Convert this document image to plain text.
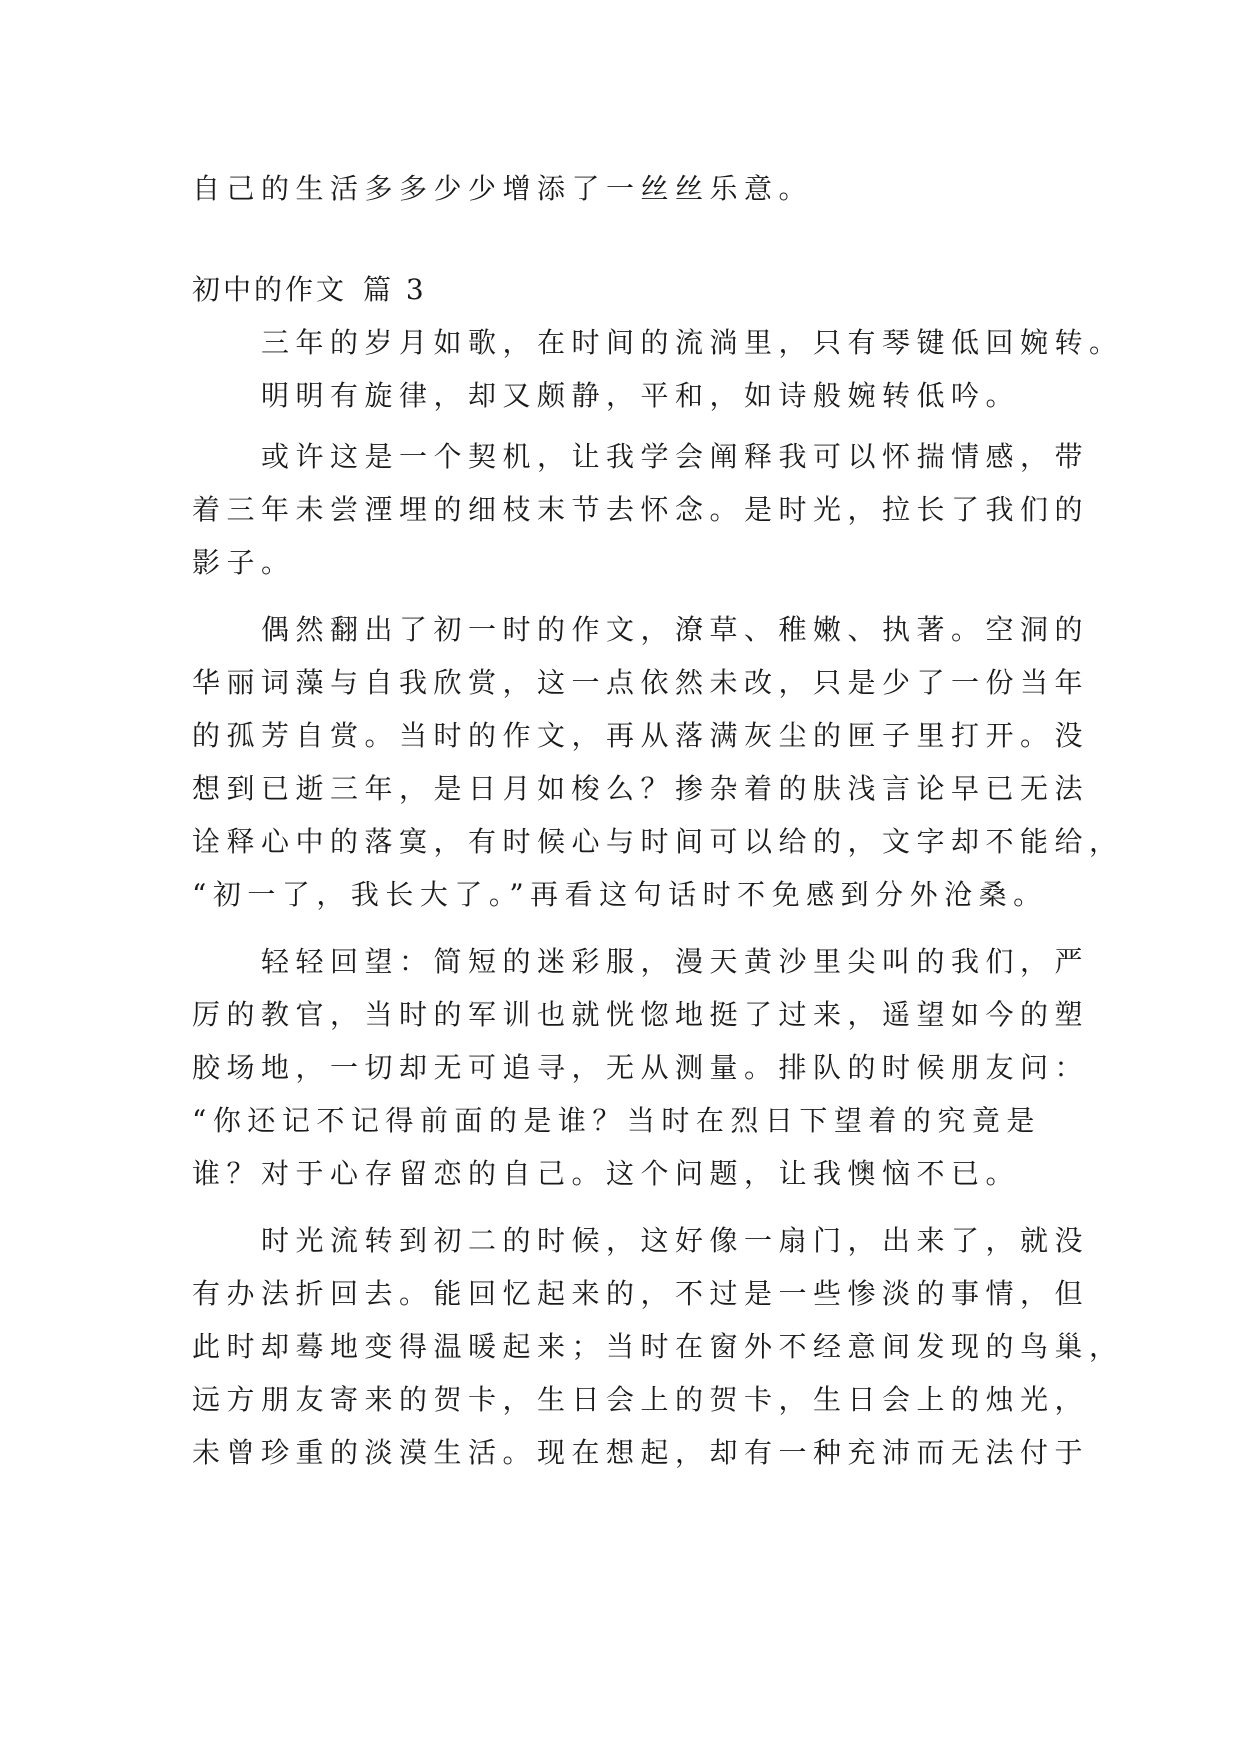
自己的生活多多少少增添了一丝丝乐意。
初中的作文 篇 3
三年的岁月如歌，在时间的流淌里，只有琴键低回婉转。
明明有旋律，却又颇静，平和，如诗般婉转低吟。
或许这是一个契机，让我学会阐释我可以怀揣情感，带
着三年未尝湮埋的细枝末节去怀念。是时光，拉长了我们的
影子。
偶然翻出了初一时的作文，潦草、稚嫩、执著。空洞的
华丽词藻与自我欣赏，这一点依然未改，只是少了一份当年
的孤芳自赏。当时的作文，再从落满灰尘的匣子里打开。没
想到已逝三年，是日月如梭么？掺杂着的肤浅言论早已无法
诠释心中的落寞，有时候心与时间可以给的，文字却不能给，
“初一了，我长大了。”再看这句话时不免感到分外沧桑。
轻轻回望：简短的迷彩服，漫天黄沙里尖叫的我们，严
厉的教官，当时的军训也就恍惚地挺了过来，遥望如今的塑
胶场地，一切却无可追寻，无从测量。排队的时候朋友问：
“你还记不记得前面的是谁？当时在烈日下望着的究竟是
谁？对于心存留恋的自己。这个问题，让我懊恼不已。
时光流转到初二的时候，这好像一扇门，出来了，就没
有办法折回去。能回忆起来的，不过是一些惨淡的事情，但
此时却蓦地变得温暖起来；当时在窗外不经意间发现的鸟巢，
远方朋友寄来的贺卡，生日会上的贺卡，生日会上的烛光，
未曾珍重的淡漠生活。现在想起，却有一种充沛而无法付于
